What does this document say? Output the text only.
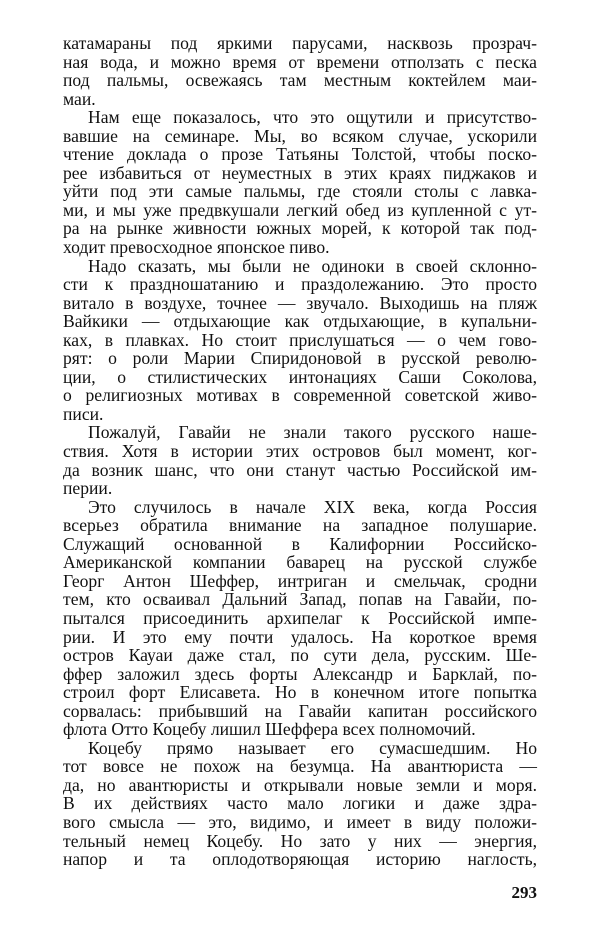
катамараны под яркими парусами, насквозь прозрач-
ная вода, и можно время от времени отползать с песка
под пальмы, освежаясь там местным коктейлем маи-
маи.
Нам еще показалось, что это ощутили и присутство-
вавшие на семинаре. Мы, во всяком случае, ускорили
чтение доклада о прозе Татьяны Толстой, чтобы поско-
рее избавиться от неуместных в этих краях пиджаков и
уйти под эти самые пальмы, где стояли столы с лавка-
ми, и мы уже предвкушали легкий обед из купленной с ут-
ра на рынке живности южных морей, к которой так под-
ходит превосходное японское пиво.
Надо сказать, мы были не одиноки в своей склонно-
сти к праздношатанию и праздолежанию. Это просто
витало в воздухе, точнее — звучало. Выходишь на пляж
Вайкики — отдыхающие как отдыхающие, в купальни-
ках, в плавках. Но стоит прислушаться — о чем гово-
рят: о роли Марии Спиридоновой в русской револю-
ции, о стилистических интонациях Саши Соколова,
о религиозных мотивах в современной советской живо-
писи.
Пожалуй, Гавайи не знали такого русского наше-
ствия. Хотя в истории этих островов был момент, ког-
да возник шанс, что они станут частью Российской им-
перии.
Это случилось в начале XIX века, когда Россия
всерьез обратила внимание на западное полушарие.
Служащий основанной в Калифорнии Российско-
Американской компании баварец на русской службе
Георг Антон Шеффер, интриган и смельчак, сродни
тем, кто осваивал Дальний Запад, попав на Гавайи, по-
пытался присоединить архипелаг к Российской импе-
рии. И это ему почти удалось. На короткое время
остров Кауаи даже стал, по сути дела, русским. Ше-
ффер заложил здесь форты Александр и Барклай, по-
строил форт Елисавета. Но в конечном итоге попытка
сорвалась: прибывший на Гавайи капитан российского
флота Отто Коцебу лишил Шеффера всех полномочий.
Коцебу прямо называет его сумасшедшим. Но
тот вовсе не похож на безумца. На авантюриста —
да, но авантюристы и открывали новые земли и моря.
В их действиях часто мало логики и даже здра-
вого смысла — это, видимо, и имеет в виду положи-
тельный немец Коцебу. Но зато у них — энергия,
напор и та оплодотворяющая историю наглость,
293
